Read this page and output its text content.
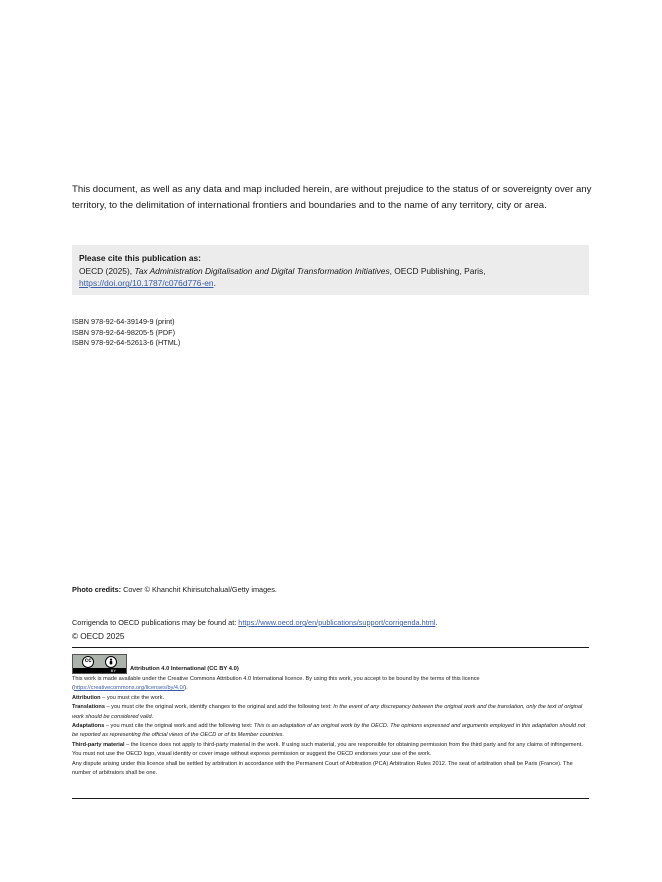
This document, as well as any data and map included herein, are without prejudice to the status of or sovereignty over any territory, to the delimitation of international frontiers and boundaries and to the name of any territory, city or area.

Please cite this publication as:
OECD (2025), Tax Administration Digitalisation and Digital Transformation Initiatives, OECD Publishing, Paris,
https://doi.org/10.1787/c076d776-en.
ISBN 978-92-64-39149-9 (print)
ISBN 978-92-64-98205-5 (PDF)
ISBN 978-92-64-52613-6 (HTML)
Photo credits: Cover © Khanchit Khirisutchalual/Getty images.
Corrigenda to OECD publications may be found at: https://www.oecd.org/en/publications/support/corrigenda.html.
© OECD 2025
cc
BY	Attribution 4.0 International (CC BY 4.0)

This work is made available under the Creative Commons Attribution 4.0 International licence. By using this work, you accept to be bound by the terms of this licence
(https://creativecommons.org/licenses/by/4.0/).

Attribution – you must cite the work.

Translations – you must cite the original work, identify changes to the original and add the following text: In the event of any discrepancy between the original work and the translation, only the text of original work should be considered valid.

Adaptations – you must cite the original work and add the following text: This is an adaptation of an original work by the OECD. The opinions expressed and arguments employed in this adaptation should not be reported as representing the official views of the OECD or of its Member countries.

Third-party material – the licence does not apply to third-party material in the work. If using such material, you are responsible for obtaining permission from the third party and for any claims of infringement.

You must not use the OECD logo, visual identity or cover image without express permission or suggest the OECD endorses your use of the work.

Any dispute arising under this licence shall be settled by arbitration in accordance with the Permanent Court of Arbitration (PCA) Arbitration Rules 2012. The seat of arbitration shall be Paris (France). The number of arbitrators shall be one.
